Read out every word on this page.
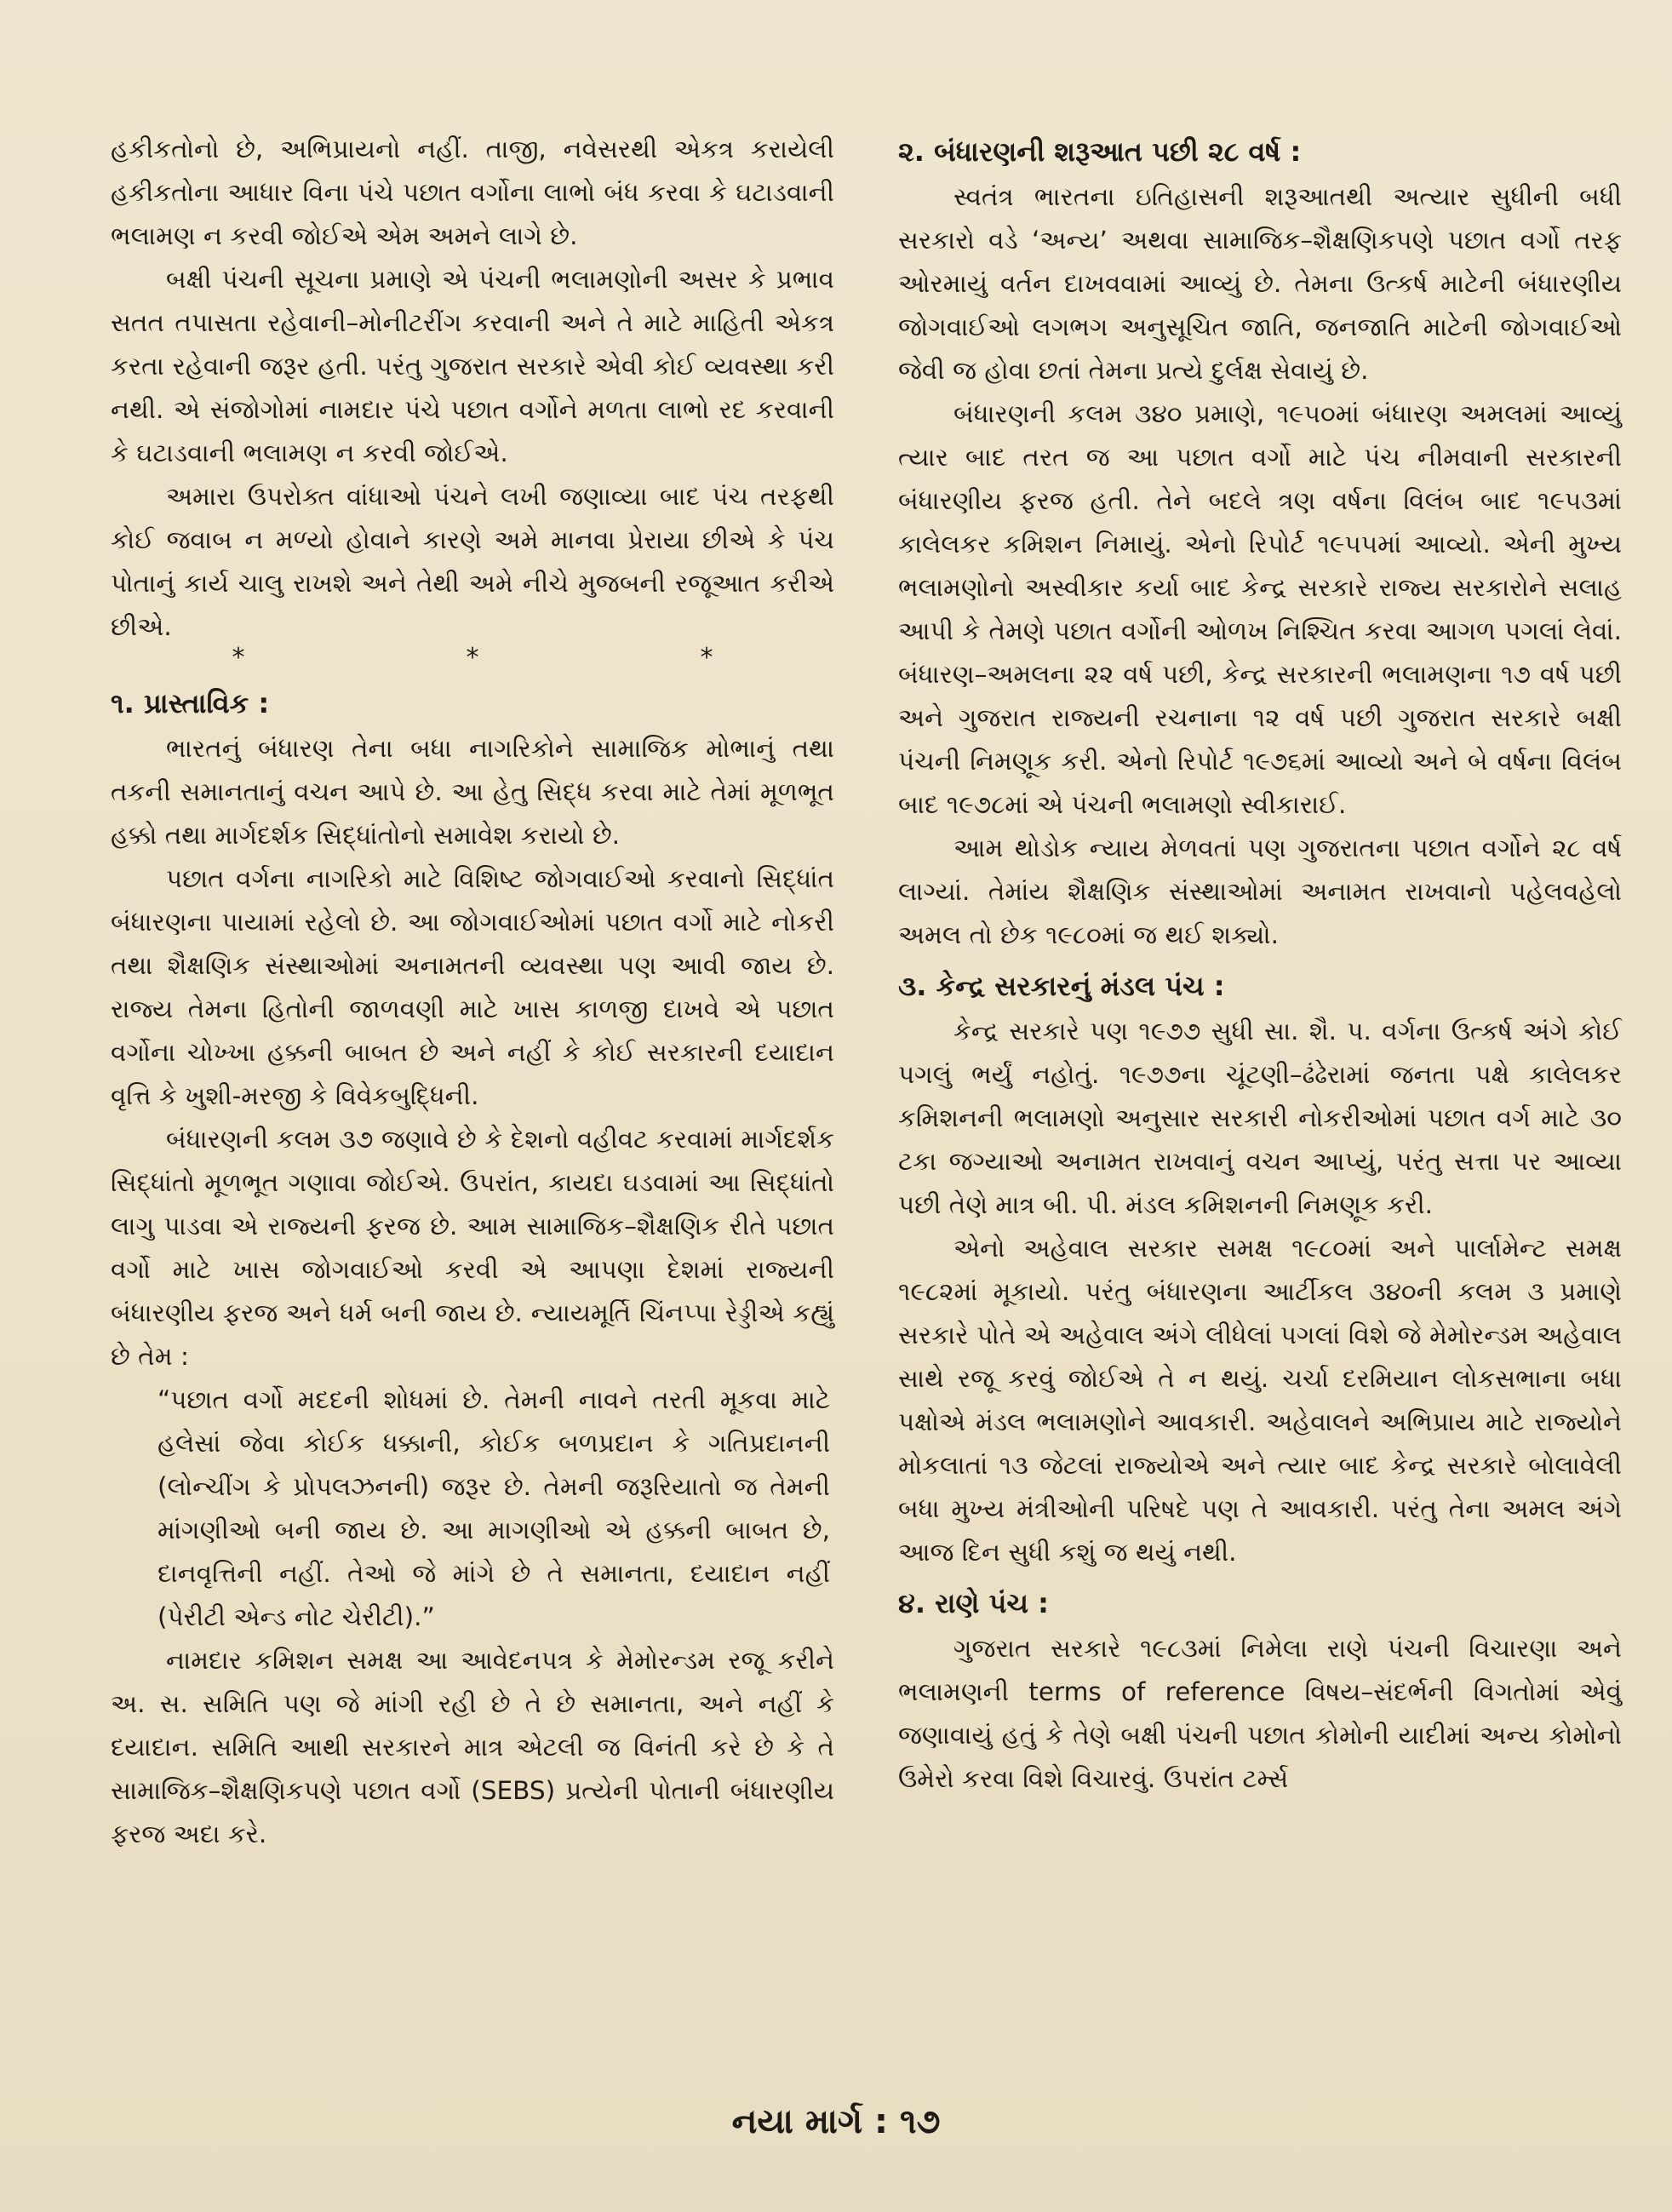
હકીકતોનો છે, અભિપ્રાયનો નહીં. તાજી, નવેસરથી એકત્ર કરાયેલી હકીકતોના આધાર વિના પંચે પછાત વર્ગોના લાભો બંધ કરવા કે ઘટાડવાની ભલામણ ન કરવી જોઈએ એમ અમને લાગે છે.

બક્ષી પંચની સૂચના પ્રમાણે એ પંચની ભલામણોની અસર કે પ્રભાવ સતત તપાસતા રહેવાની–મોનીટરીંગ કરવાની અને તે માટે માહિતી એકત્ર કરતા રહેવાની જરૂર હતી. પરંતુ ગુજરાત સરકારે એવી કોઈ વ્યવસ્થા કરી નથી. એ સંજોગોમાં નામદાર પંચે પછાત વર્ગોને મળતા લાભો રદ કરવાની કે ઘટાડવાની ભલામણ ન કરવી જોઈએ.

અમારા ઉપરોક્ત વાંધાઓ પંચને લખી જણાવ્યા બાદ પંચ તરફથી કોઈ જવાબ ન મળ્યો હોવાને કારણે અમે માનવા પ્રેરાયા છીએ કે પંચ પોતાનું કાર્ય ચાલુ રાખશે અને તેથી અમે નીચે મુજબની રજૂઆત કરીએ છીએ.

*	*	*
૧. પ્રાસ્તાવિક :

ભારતનું બંધારણ તેના બધા નાગરિકોને સામાજિક મોભાનું તથા તકની સમાનતાનું વચન આપે છે. આ હેતુ સિદ્ધ કરવા માટે તેમાં મૂળભૂત હક્કો તથા માર્ગદર્શક સિદ્ધાંતોનો સમાવેશ કરાયો છે.

પછાત વર્ગના નાગરિકો માટે વિશિષ્ટ જોગવાઈઓ કરવાનો સિદ્ધાંત બંધારણના પાયામાં રહેલો છે. આ જોગવાઈઓમાં પછાત વર્ગો માટે નોકરી તથા શૈક્ષણિક સંસ્થાઓમાં અનામતની વ્યવસ્થા પણ આવી જાય છે. રાજ્ય તેમના હિતોની જાળવણી માટે ખાસ કાળજી દાખવે એ પછાત વર્ગોના ચોખ્ખા હક્કની બાબત છે અને નહીં કે કોઈ સરકારની દયાદાન વૃત્તિ કે ખુશી-મરજી કે વિવેકબુદ્ધિની.

બંધારણની કલમ ૩૭ જણાવે છે કે દેશનો વહીવટ કરવામાં માર્ગદર્શક સિદ્ધાંતો મૂળભૂત ગણાવા જોઈએ. ઉપરાંત, કાયદા ઘડવામાં આ સિદ્ધાંતો લાગુ પાડવા એ રાજ્યની ફરજ છે. આમ સામાજિક–શૈક્ષણિક રીતે પછાત વર્ગો માટે ખાસ જોગવાઈઓ કરવી એ આપણા દેશમાં રાજ્યની બંધારણીય ફરજ અને ધર્મ બની જાય છે. ન્યાયમૂર્તિ ચિંનપ્પા રેડ્ડીએ કહ્યું છે તેમ :

“પછાત વર્ગો મદદની શોધમાં છે. તેમની નાવને તરતી મૂકવા માટે હલેસાં જેવા કોઈક ધક્કાની, કોઈક બળપ્રદાન કે ગતિપ્રદાનની (લોન્ચીંગ કે પ્રોપલઝનની) જરૂર છે. તેમની જરૂરિયાતો જ તેમની માંગણીઓ બની જાય છે. આ માગણીઓ એ હક્કની બાબત છે, દાનવૃત્તિની નહીં. તેઓ જે માંગે છે તે સમાનતા, દયાદાન નહીં (પેરીટી એન્ડ નોટ ચેરીટી).”

નામદાર કમિશન સમક્ષ આ આવેદનપત્ર કે મેમોરન્ડમ રજૂ કરીને અ. સ. સમિતિ પણ જે માંગી રહી છે તે છે સમાનતા, અને નહીં કે દયાદાન. સમિતિ આથી સરકારને માત્ર એટલી જ વિનંતી કરે છે કે તે સામાજિક–શૈક્ષણિકપણે પછાત વર્ગો (SEBS) પ્રત્યેની પોતાની બંધારણીય ફરજ અદા કરે.

૨. બંધારણની શરૂઆત પછી ૨૮ વર્ષ :

સ્વતંત્ર ભારતના ઇતિહાસની શરૂઆતથી અત્યાર સુધીની બધી સરકારો વડે ‘અન્ય’ અથવા સામાજિક–શૈક્ષણિકપણે પછાત વર્ગો તરફ ઓરમાયું વર્તન દાખવવામાં આવ્યું છે. તેમના ઉત્કર્ષ માટેની બંધારણીય જોગવાઈઓ લગભગ અનુસૂચિત જાતિ, જનજાતિ માટેની જોગવાઈઓ જેવી જ હોવા છતાં તેમના પ્રત્યે દુર્લક્ષ સેવાયું છે.

બંધારણની કલમ ૩૪૦ પ્રમાણે, ૧૯૫૦માં બંધારણ અમલમાં આવ્યું ત્યાર બાદ તરત જ આ પછાત વર્ગો માટે પંચ નીમવાની સરકારની બંધારણીય ફરજ હતી. તેને બદલે ત્રણ વર્ષના વિલંબ બાદ ૧૯૫૩માં કાલેલકર કમિશન નિમાયું. એનો રિપોર્ટ ૧૯૫૫માં આવ્યો. એની મુખ્ય ભલામણોનો અસ્વીકાર કર્યા બાદ કેન્દ્ર સરકારે રાજ્ય સરકારોને સલાહ આપી કે તેમણે પછાત વર્ગોની ઓળખ નિશ્ચિત કરવા આગળ પગલાં લેવાં. બંધારણ–અમલના ૨૨ વર્ષ પછી, કેન્દ્ર સરકારની ભલામણના ૧૭ વર્ષ પછી અને ગુજરાત રાજ્યની રચનાના ૧૨ વર્ષ પછી ગુજરાત સરકારે બક્ષી પંચની નિમણૂક કરી. એનો રિપોર્ટ ૧૯૭૬માં આવ્યો અને બે વર્ષના વિલંબ બાદ ૧૯૭૮માં એ પંચની ભલામણો સ્વીકારાઈ.

આમ થોડોક ન્યાય મેળવતાં પણ ગુજરાતના પછાત વર્ગોને ૨૮ વર્ષ લાગ્યાં. તેમાંય શૈક્ષણિક સંસ્થાઓમાં અનામત રાખવાનો પહેલવહેલો અમલ તો છેક ૧૯૮૦માં જ થઈ શક્યો.

૩. કેન્દ્ર સરકારનું મંડલ પંચ :

કેન્દ્ર સરકારે પણ ૧૯૭૭ સુધી સા. શૈ. પ. વર્ગના ઉત્કર્ષ અંગે કોઈ પગલું ભર્યું નહોતું. ૧૯૭૭ના ચૂંટણી–ઢંઢેરામાં જનતા પક્ષે કાલેલકર કમિશનની ભલામણો અનુસાર સરકારી નોકરીઓમાં પછાત વર્ગ માટે ૩૦ ટકા જગ્યાઓ અનામત રાખવાનું વચન આપ્યું, પરંતુ સત્તા પર આવ્યા પછી તેણે માત્ર બી. પી. મંડલ કમિશનની નિમણૂક કરી.

એનો અહેવાલ સરકાર સમક્ષ ૧૯૮૦માં અને પાર્લામેન્ટ સમક્ષ ૧૯૮૨માં મૂકાયો. પરંતુ બંધારણના આર્ટીકલ ૩૪૦ની કલમ ૩ પ્રમાણે સરકારે પોતે એ અહેવાલ અંગે લીધેલાં પગલાં વિશે જે મેમોરન્ડમ અહેવાલ સાથે રજૂ કરવું જોઈએ તે ન થયું. ચર્ચા દરમિયાન લોકસભાના બધા પક્ષોએ મંડલ ભલામણોને આવકારી. અહેવાલને અભિપ્રાય માટે રાજ્યોને મોકલાતાં ૧૩ જેટલાં રાજ્યોએ અને ત્યાર બાદ કેન્દ્ર સરકારે બોલાવેલી બધા મુખ્ય મંત્રીઓની પરિષદે પણ તે આવકારી. પરંતુ તેના અમલ અંગે આજ દિન સુધી કશું જ થયું નથી.

૪. રાણે પંચ :

ગુજરાત સરકારે ૧૯૮૩માં નિમેલા રાણે પંચની વિચારણા અને ભલામણની terms of reference વિષય–સંદર્ભની વિગતોમાં એવું જણાવાયું હતું કે તેણે બક્ષી પંચની પછાત કોમોની યાદીમાં અન્ય કોમોનો ઉમેરો કરવા વિશે વિચારવું. ઉપરાંત ટર્મ્સ

નયા માર્ગ : ૧૭
